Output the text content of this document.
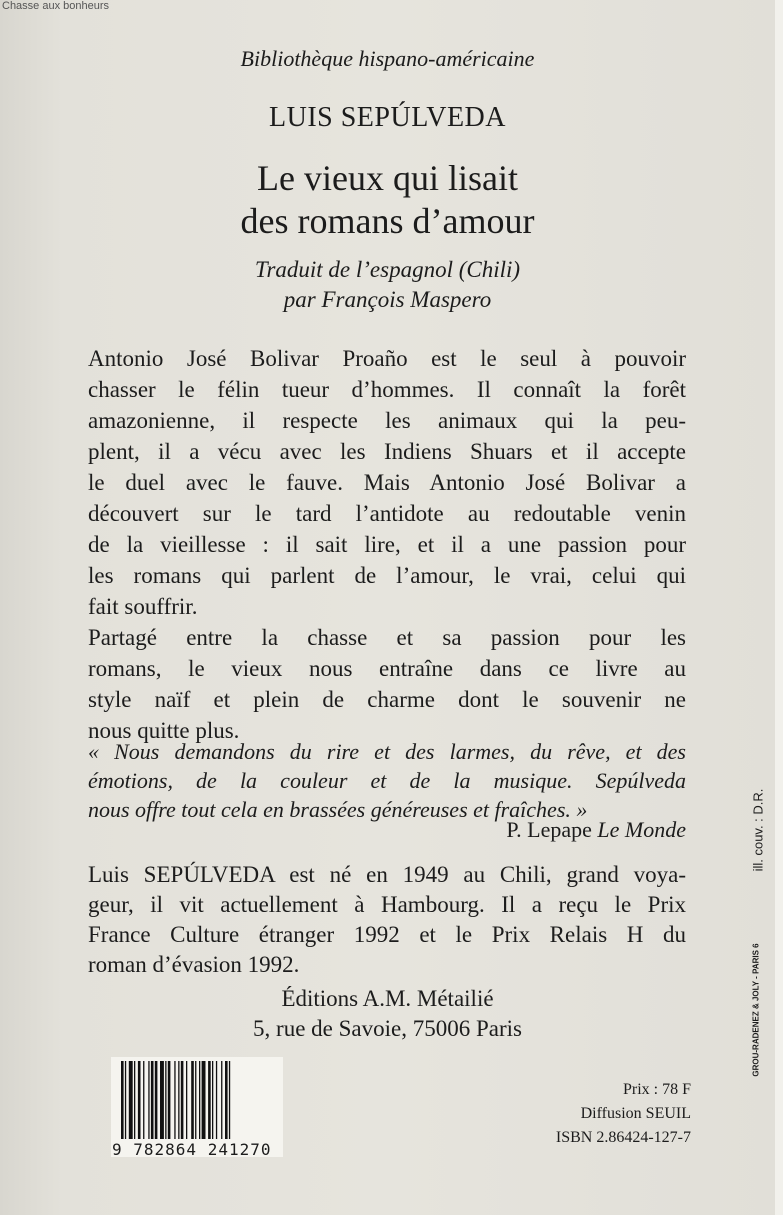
Chasse aux bonheurs
Bibliothèque hispano-américaine
LUIS SEPÚLVEDA
Le vieux qui lisait
des romans d’amour
Traduit de l’espagnol (Chili)
par François Maspero
Antonio José Bolivar Proaño est le seul à pouvoir
chasser le félin tueur d’hommes. Il connaît la forêt
amazonienne, il respecte les animaux qui la peu-
plent, il a vécu avec les Indiens Shuars et il accepte
le duel avec le fauve. Mais Antonio José Bolivar a
découvert sur le tard l’antidote au redoutable venin
de la vieillesse : il sait lire, et il a une passion pour
les romans qui parlent de l’amour, le vrai, celui qui
fait souffrir.
Partagé entre la chasse et sa passion pour les
romans, le vieux nous entraîne dans ce livre au
style naïf et plein de charme dont le souvenir ne
nous quitte plus.
« Nous demandons du rire et des larmes, du rêve, et des
émotions, de la couleur et de la musique. Sepúlveda
nous offre tout cela en brassées généreuses et fraîches. »
P. Lepape Le Monde
Luis SEPÚLVEDA est né en 1949 au Chili, grand voya-
geur, il vit actuellement à Hambourg. Il a reçu le Prix
France Culture étranger 1992 et le Prix Relais H du
roman d’évasion 1992.
Éditions A.M. Métailié
5, rue de Savoie, 75006 Paris
9 782864 241270
Prix : 78 F
Diffusion SEUIL
ISBN 2.86424-127-7
ill. couv. : D.R.
GROU-RADENEZ & JOLY - PARIS 6
